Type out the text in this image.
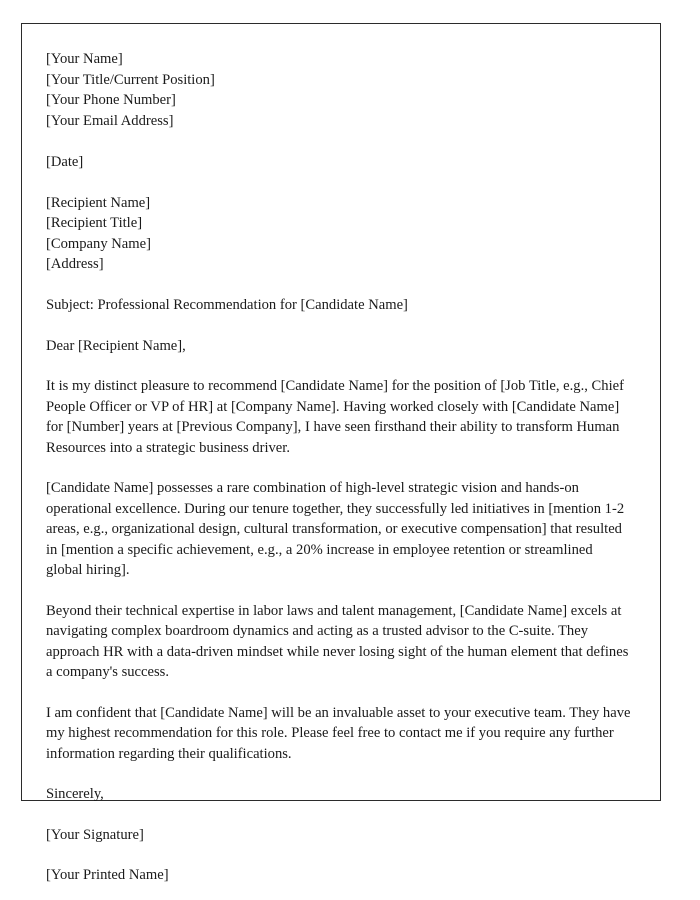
[Your Name]
[Your Title/Current Position]
[Your Phone Number]
[Your Email Address]
[Date]
[Recipient Name]
[Recipient Title]
[Company Name]
[Address]

Subject: Professional Recommendation for [Candidate Name]

Dear [Recipient Name],

It is my distinct pleasure to recommend [Candidate Name] for the position of [Job Title, e.g., Chief People Officer or VP of HR] at [Company Name]. Having worked closely with [Candidate Name] for [Number] years at [Previous Company], I have seen firsthand their ability to transform Human Resources into a strategic business driver.

[Candidate Name] possesses a rare combination of high-level strategic vision and hands-on operational excellence. During our tenure together, they successfully led initiatives in [mention 1-2 areas, e.g., organizational design, cultural transformation, or executive compensation] that resulted in [mention a specific achievement, e.g., a 20% increase in employee retention or streamlined global hiring].

Beyond their technical expertise in labor laws and talent management, [Candidate Name] excels at navigating complex boardroom dynamics and acting as a trusted advisor to the C-suite. They approach HR with a data-driven mindset while never losing sight of the human element that defines a company's success.

I am confident that [Candidate Name] will be an invaluable asset to your executive team. They have my highest recommendation for this role. Please feel free to contact me if you require any further information regarding their qualifications.

Sincerely,

[Your Signature]

[Your Printed Name]
